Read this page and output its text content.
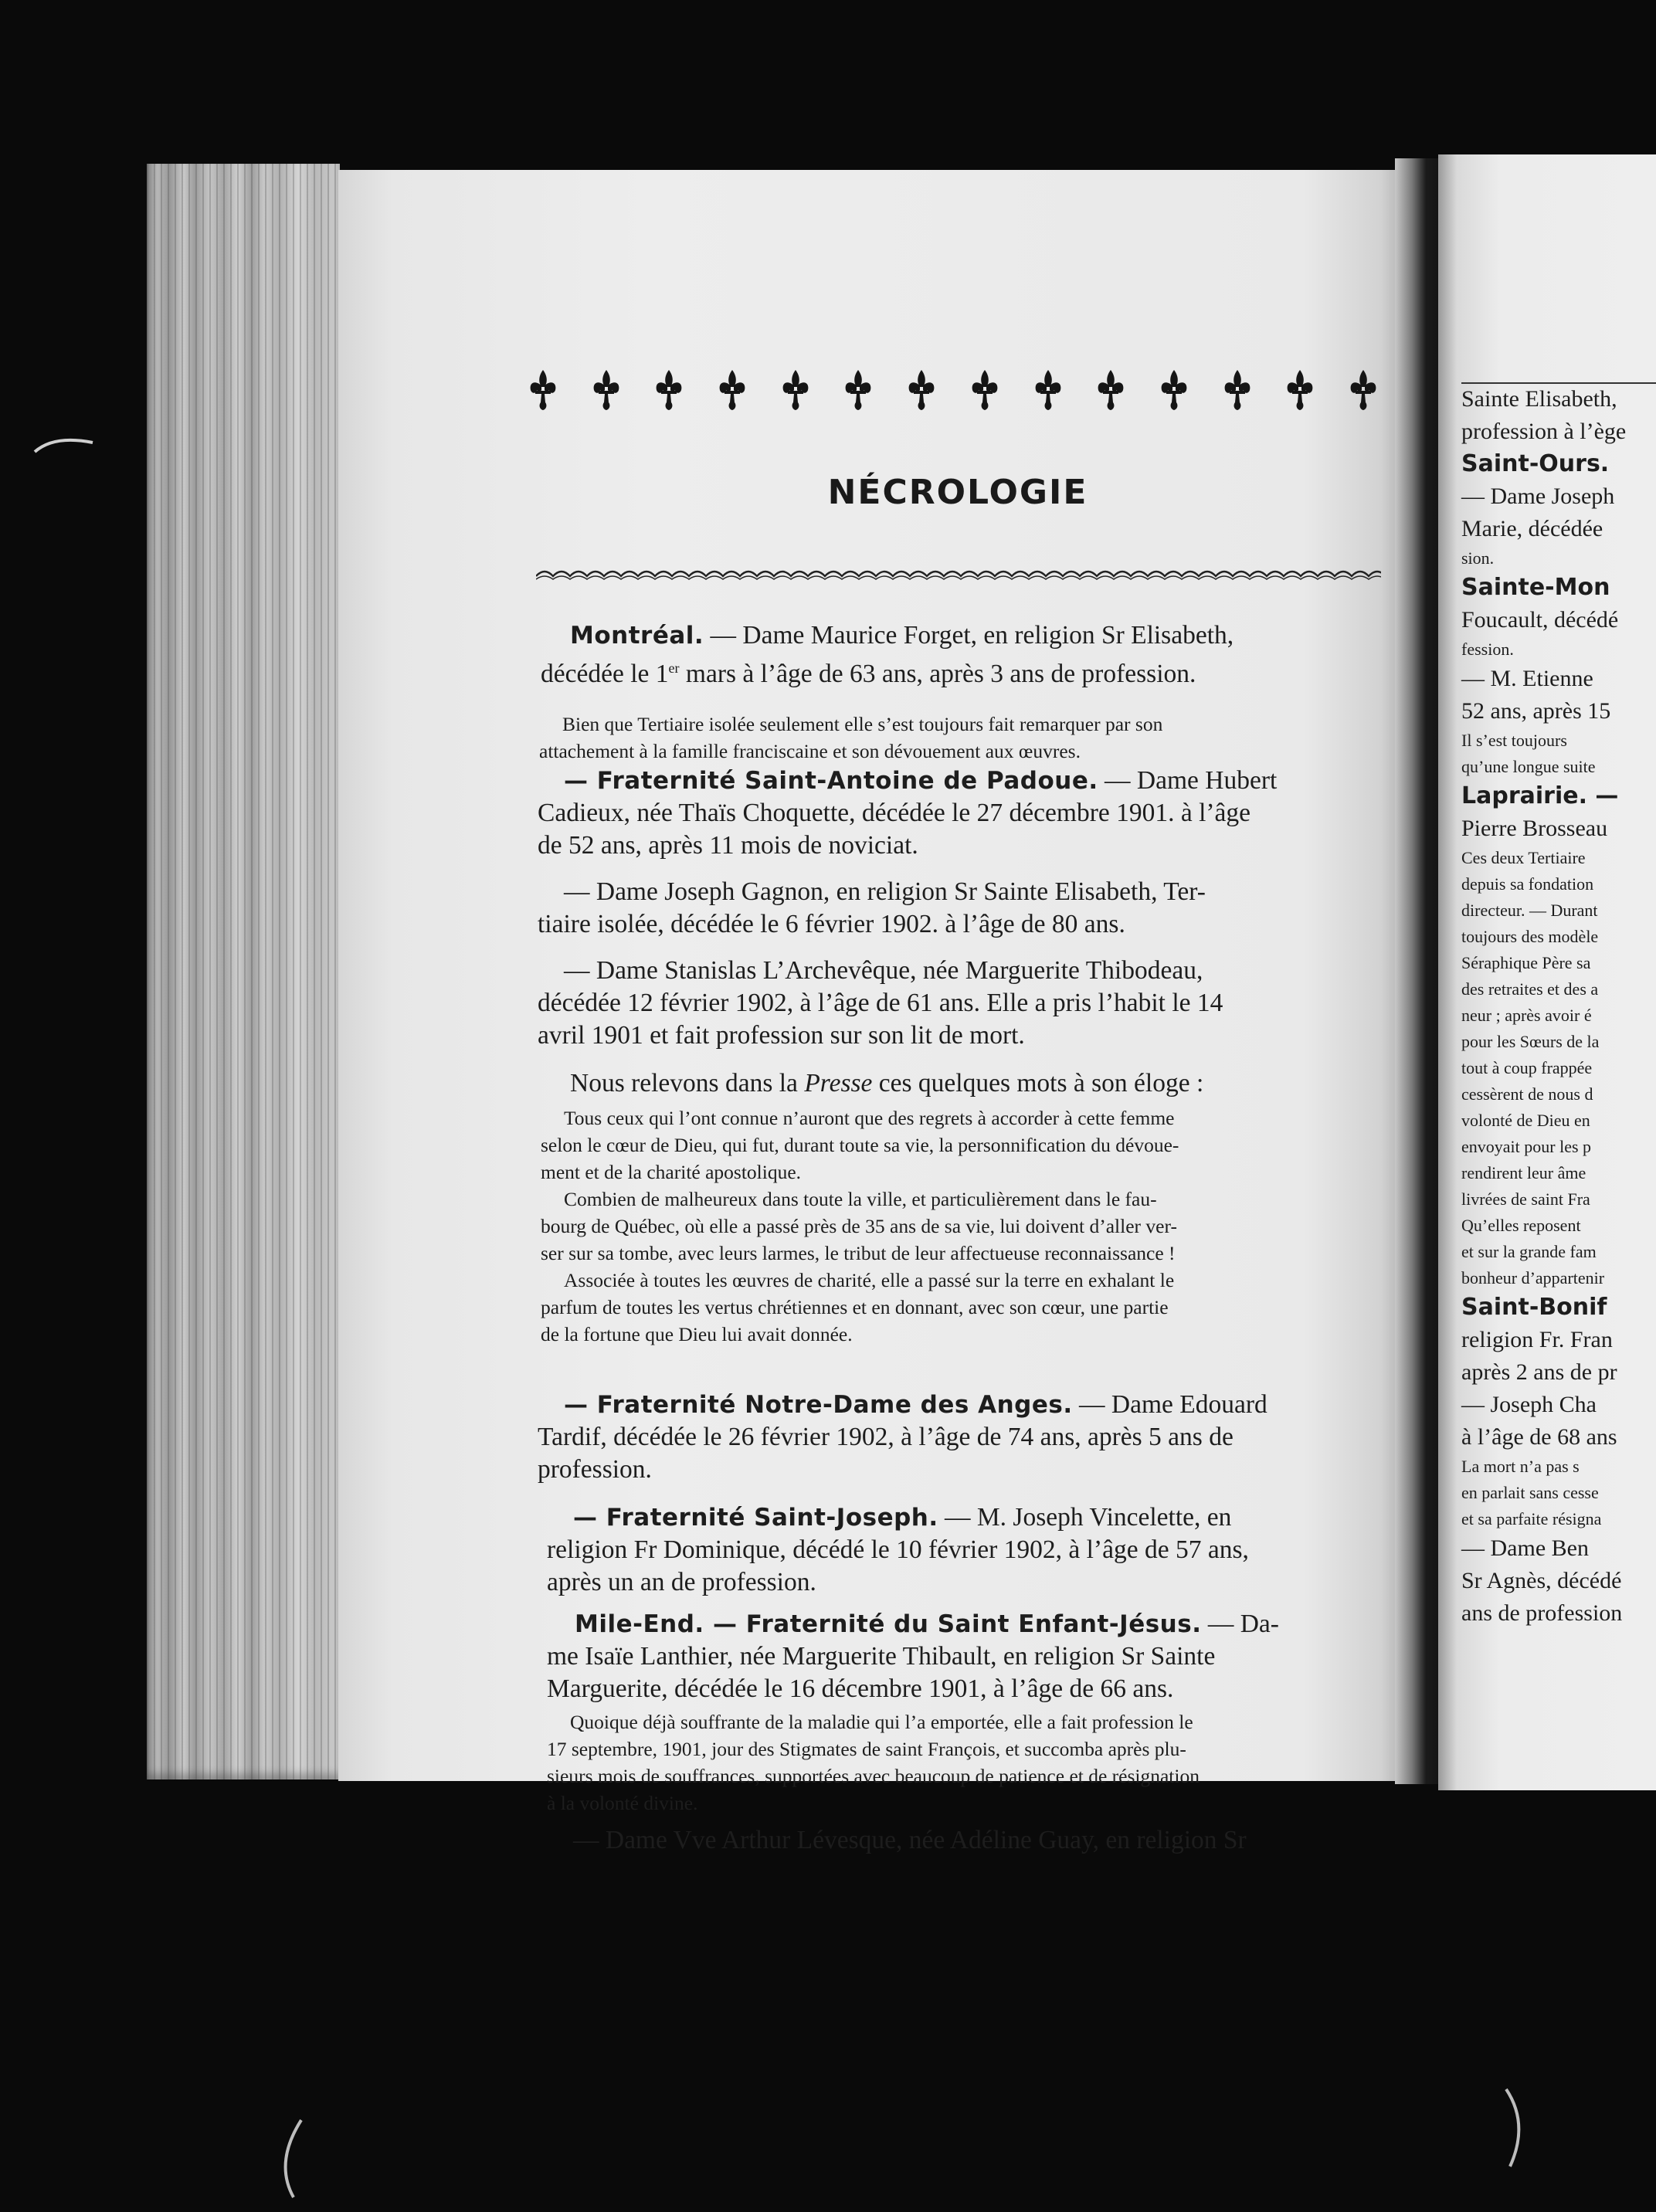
NÉCROLOGIE
Montréal. — Dame Maurice Forget, en religion Sr Elisabeth,
décédée le 1er mars à l’âge de 63 ans, après 3 ans de profession.
Bien que Tertiaire isolée seulement elle s’est toujours fait remarquer par son
attachement à la famille franciscaine et son dévouement aux œuvres.
— Fraternité Saint-Antoine de Padoue. — Dame Hubert
Cadieux, née Thaïs Choquette, décédée le 27 décembre 1901. à l’âge
de 52 ans, après 11 mois de noviciat.
— Dame Joseph Gagnon, en religion Sr Sainte Elisabeth, Ter-
tiaire isolée, décédée le 6 février 1902. à l’âge de 80 ans.
— Dame Stanislas L’Archevêque, née Marguerite Thibodeau,
décédée 12 février 1902, à l’âge de 61 ans. Elle a pris l’habit le 14
avril 1901 et fait profession sur son lit de mort.
Nous relevons dans la Presse ces quelques mots à son éloge :
Tous ceux qui l’ont connue n’auront que des regrets à accorder à cette femme
selon le cœur de Dieu, qui fut, durant toute sa vie, la personnification du dévoue-
ment et de la charité apostolique.
Combien de malheureux dans toute la ville, et particulièrement dans le fau-
bourg de Québec, où elle a passé près de 35 ans de sa vie, lui doivent d’aller ver-
ser sur sa tombe, avec leurs larmes, le tribut de leur affectueuse reconnaissance !
Associée à toutes les œuvres de charité, elle a passé sur la terre en exhalant le
parfum de toutes les vertus chrétiennes et en donnant, avec son cœur, une partie
de la fortune que Dieu lui avait donnée.
— Fraternité Notre-Dame des Anges. — Dame Edouard
Tardif, décédée le 26 février 1902, à l’âge de 74 ans, après 5 ans de
profession.
— Fraternité Saint-Joseph. — M. Joseph Vincelette, en
religion Fr Dominique, décédé le 10 février 1902, à l’âge de 57 ans,
après un an de profession.
Mile-End. — Fraternité du Saint Enfant-Jésus. — Da-
me Isaïe Lanthier, née Marguerite Thibault, en religion Sr Sainte
Marguerite, décédée le 16 décembre 1901, à l’âge de 66 ans.
Quoique déjà souffrante de la maladie qui l’a emportée, elle a fait profession le
17 septembre, 1901, jour des Stigmates de saint François, et succomba après plu-
sieurs mois de souffrances, supportées avec beaucoup de patience et de résignation
à la volonté divine.
— Dame Vve Arthur Lévesque, née Adéline Guay, en religion Sr
Sainte Elisabeth,
profession à l’ège
Saint-Ours.
— Dame Joseph
Marie, décédée
sion.
Sainte-Mon
Foucault, décédé
fession.
— M. Etienne
52 ans, après 15
Il s’est toujours
qu’une longue suite
Laprairie. —
Pierre Brosseau
Ces deux Tertiaire
depuis sa fondation
directeur. — Durant
toujours des modèle
Séraphique Père sa
des retraites et des a
neur ; après avoir é
pour les Sœurs de la
tout à coup frappée
cessèrent de nous d
volonté de Dieu en
envoyait pour les p
rendirent leur âme
livrées de saint Fra
Qu’elles reposent
et sur la grande fam
bonheur d’appartenir
Saint-Bonif
religion Fr. Fran
après 2 ans de pr
— Joseph Cha
à l’âge de 68 ans
La mort n’a pas s
en parlait sans cesse
et sa parfaite résigna
— Dame Ben
Sr Agnès, décédé
ans de profession
